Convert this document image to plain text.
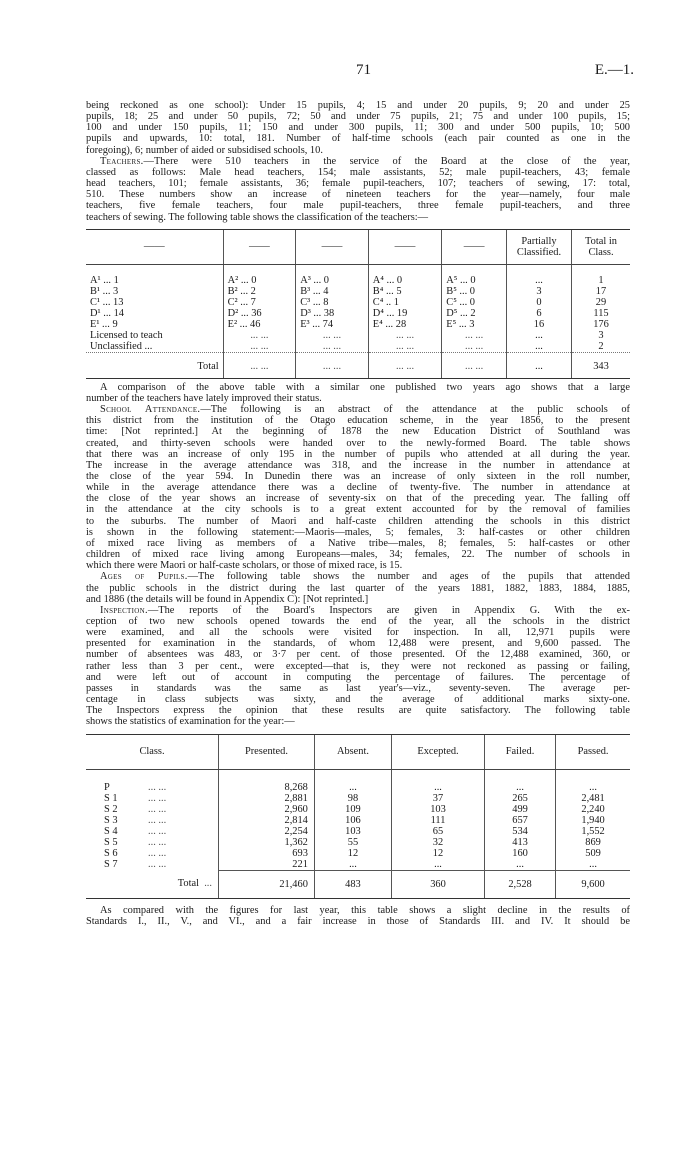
71	E.—1.

being reckoned as one school): Under 15 pupils, 4; 15 and under 20 pupils, 9; 20 and under 25

pupils, 18; 25 and under 50 pupils, 72; 50 and under 75 pupils, 21; 75 and under 100 pupils, 15;

100 and under 150 pupils, 11; 150 and under 300 pupils, 11; 300 and under 500 pupils, 10; 500

pupils and upwards, 10: total, 181. Number of half-time schools (each pair counted as one in the

foregoing), 6; number of aided or subsidised schools, 10.

Teachers.—There were 510 teachers in the service of the Board at the close of the year,

classed as follows: Male head teachers, 154; male assistants, 52; male pupil-teachers, 43; female

head teachers, 101; female assistants, 36; female pupil-teachers, 107; teachers of sewing, 17: total,

510. These numbers show an increase of nineteen teachers for the year—namely, four male

teachers, five female teachers, four male pupil-teachers, three female pupil-teachers, and three

teachers of sewing. The following table shows the classification of the teachers:—

——	——	——	——	——	Partially Classified.	Total in Class.

A¹ ... 1	A² ... 0	A³ ... 0	A⁴ ... 0	A⁵ ... 0	...	1
B¹ ... 3	B² ... 2	B³ ... 4	B⁴ ... 5	B⁵ ... 0	3	17
C¹ ... 13	C² ... 7	C³ ... 8	C⁴ .. 1	C⁵ ... 0	0	29
D¹ ... 14	D² ... 36	D³ ... 38	D⁴ ... 19	D⁵ ... 2	6	115
E¹ ... 9	E² ... 46	E³ ... 74	E⁴ ... 28	E⁵ ... 3	16	176
Licensed to teach	... ...	... ...	... ...	... ...	...	3
Unclassified ...	... ...	... ...	... ...	... ...	...	2
Total	... ...	... ...	... ...	... ...	...	343

A comparison of the above table with a similar one published two years ago shows that a large

number of the teachers have lately improved their status.

School Attendance.—The following is an abstract of the attendance at the public schools of

this district from the institution of the Otago education scheme, in the year 1856, to the present

time: [Not reprinted.] At the beginning of 1878 the new Education District of Southland was

created, and thirty-seven schools were handed over to the newly-formed Board. The table shows

that there was an increase of only 195 in the number of pupils who attended at all during the year.

The increase in the average attendance was 318, and the increase in the number in attendance at

the close of the year 594. In Dunedin there was an increase of only sixteen in the roll number,

while in the average attendance there was a decline of twenty-five. The number in attendance at

the close of the year shows an increase of seventy-six on that of the preceding year. The falling off

in the attendance at the city schools is to a great extent accounted for by the removal of families

to the suburbs. The number of Maori and half-caste children attending the schools in this district

is shown in the following statement:—Maoris—males, 5; females, 3: half-castes or other children

of mixed race living as members of a Native tribe—males, 8; females, 5: half-castes or other

children of mixed race living among Europeans—males, 34; females, 22. The number of schools in

which there were Maori or half-caste scholars, or those of mixed race, is 15.

Ages of Pupils.—The following table shows the number and ages of the pupils that attended

the public schools in the district during the last quarter of the years 1881, 1882, 1883, 1884, 1885,

and 1886 (the details will be found in Appendix C): [Not reprinted.]

Inspection.—The reports of the Board's Inspectors are given in Appendix G. With the ex-

ception of two new schools opened towards the end of the year, all the schools in the district

were examined, and all the schools were visited for inspection. In all, 12,971 pupils were

presented for examination in the standards, of whom 12,488 were present, and 9,600 passed. The

number of absentees was 483, or 3·7 per cent. of those presented. Of the 12,488 examined, 360, or

rather less than 3 per cent., were excepted—that is, they were not reckoned as passing or failing,

and were left out of account in computing the percentage of failures. The percentage of

passes in standards was the same as last year's—viz., seventy-seven. The average per-

centage in class subjects was sixty, and the average of additional marks sixty-one.

The Inspectors express the opinion that these results are quite satisfactory. The following table

shows the statistics of examination for the year:—

Class.	Presented.	Absent.	Excepted.	Failed.	Passed.

P ... ...	8,268	...	...	...	...
S 1 ... ...	2,881	98	37	265	2,481
S 2 ... ...	2,960	109	103	499	2,240
S 3 ... ...	2,814	106	111	657	1,940
S 4 ... ...	2,254	103	65	534	1,552
S 5 ... ...	1,362	55	32	413	869
S 6 ... ...	693	12	12	160	509
S 7 ... ...	221	...	...	...	...
Total ...	21,460	483	360	2,528	9,600

As compared with the figures for last year, this table shows a slight decline in the results of

Standards I., II., V., and VI., and a fair increase in those of Standards III. and IV. It should be
